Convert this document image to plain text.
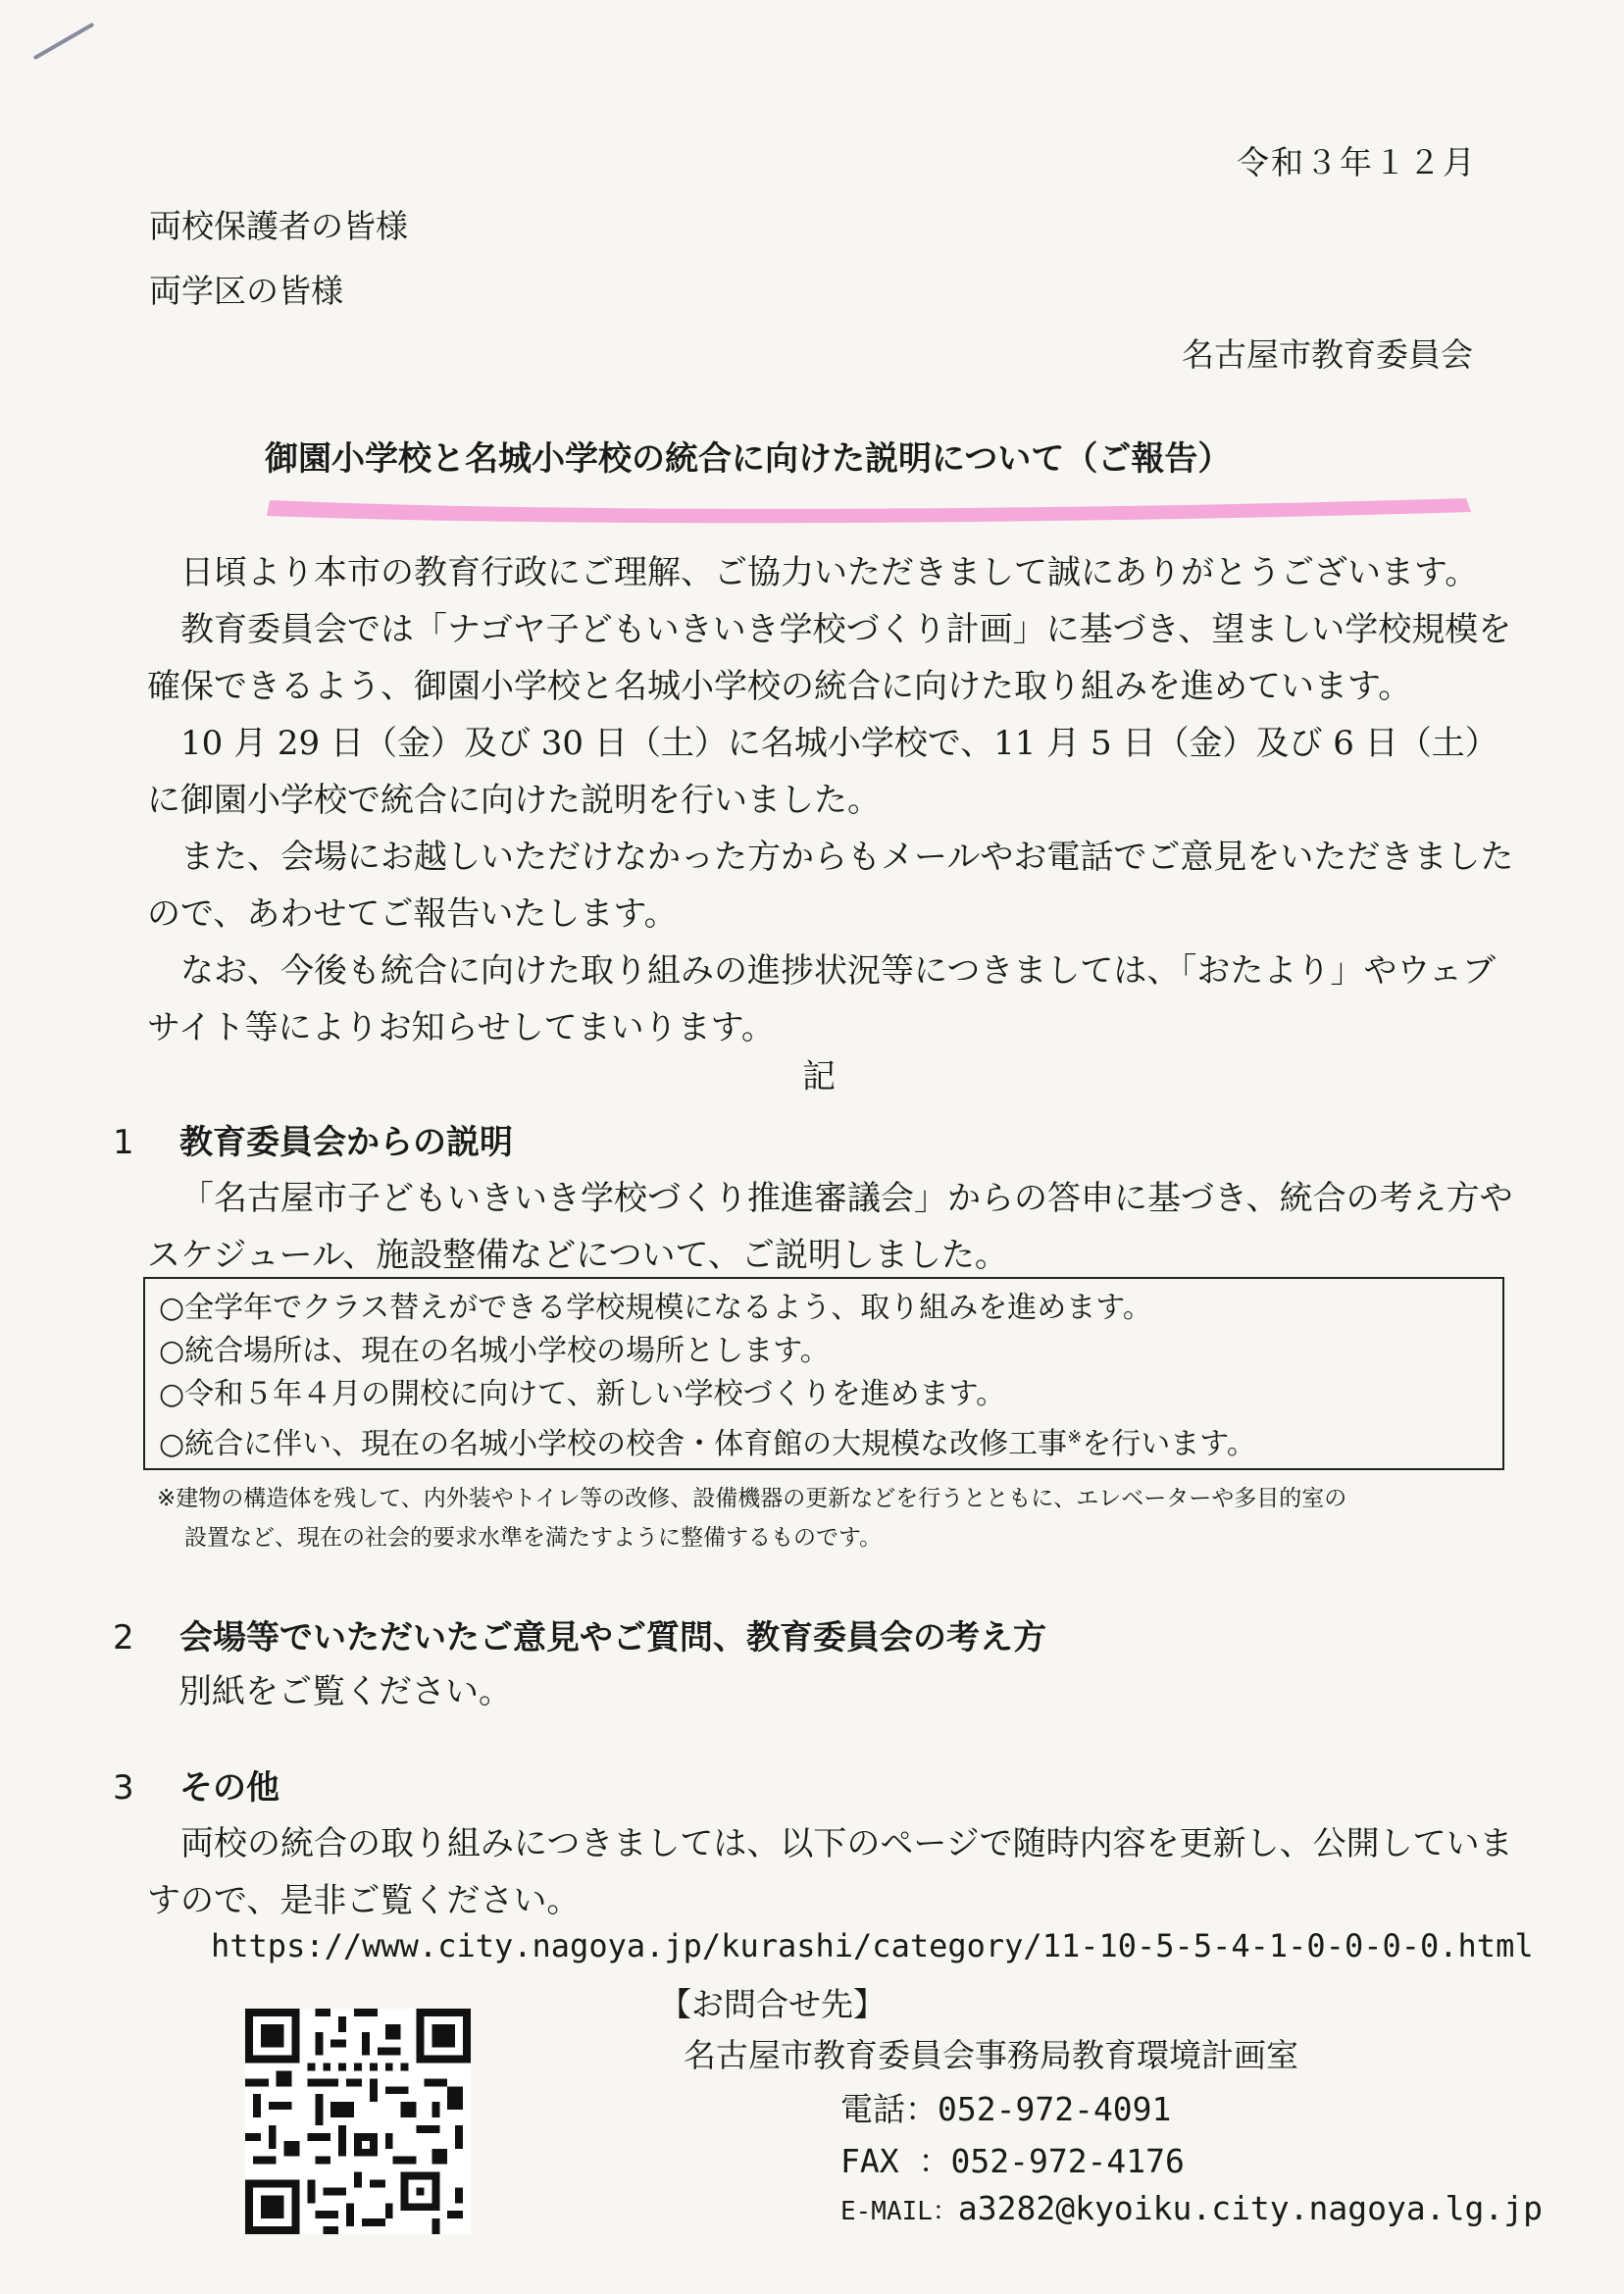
令和３年１２月
両校保護者の皆様
両学区の皆様
名古屋市教育委員会
御園小学校と名城小学校の統合に向けた説明について（ご報告）

日頃より本市の教育行政にご理解、ご協力いただきまして誠にありがとうございます。

教育委員会では「ナゴヤ子どもいきいき学校づくり計画」に基づき、望ましい学校規模を確保できるよう、御園小学校と名城小学校の統合に向けた取り組みを進めています。

10 月 29 日（金）及び 30 日（土）に名城小学校で、11 月 5 日（金）及び 6 日（土）に御園小学校で統合に向けた説明を行いました。

また、会場にお越しいただけなかった方からもメールやお電話でご意見をいただきましたので、あわせてご報告いたします。

なお、今後も統合に向けた取り組みの進捗状況等につきましては、「おたより」やウェブサイト等によりお知らせしてまいります。

記
1 教育委員会からの説明

「名古屋市子どもいきいき学校づくり推進審議会」からの答申に基づき、統合の考え方やスケジュール、施設整備などについて、ご説明しました。

○全学年でクラス替えができる学校規模になるよう、取り組みを進めます。
○統合場所は、現在の名城小学校の場所とします。
○令和５年４月の開校に向けて、新しい学校づくりを進めます。
○統合に伴い、現在の名城小学校の校舎・体育館の大規模な改修工事※を行います。
※建物の構造体を残して、内外装やトイレ等の改修、設備機器の更新などを行うとともに、エレベーターや多目的室の
設置など、現在の社会的要求水準を満たすように整備するものです。
2 会場等でいただいたご意見やご質問、教育委員会の考え方

別紙をご覧ください。

3 その他

両校の統合の取り組みにつきましては、以下のページで随時内容を更新し、公開していますので、是非ご覧ください。

https://www.city.nagoya.jp/kurashi/category/11-10-5-5-4-1-0-0-0-0.html
【お問合せ先】
名古屋市教育委員会事務局教育環境計画室
電話：052-972-4091
FAX ：052-972-4176
E-MAIL：a3282@kyoiku.city.nagoya.lg.jp
